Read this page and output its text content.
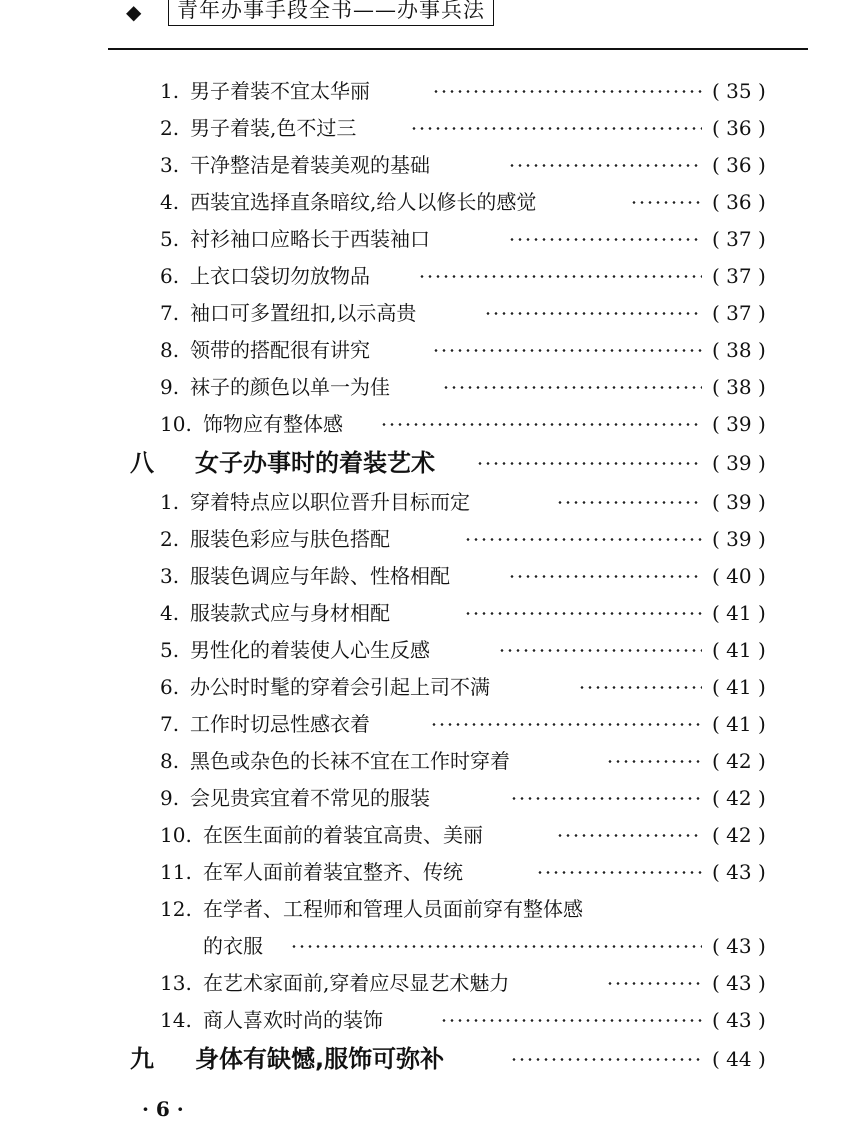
◆	青年办事手段全书——办事兵法
1. 男子着装不宜太华丽	( 35 )
2. 男子着装,色不过三	( 36 )
3. 干净整洁是着装美观的基础	( 36 )
4. 西装宜选择直条暗纹,给人以修长的感觉	( 36 )
5. 衬衫袖口应略长于西装袖口	( 37 )
6. 上衣口袋切勿放物品	( 37 )
7. 袖口可多置纽扣,以示高贵	( 37 )
8. 领带的搭配很有讲究	( 38 )
9. 袜子的颜色以单一为佳	( 38 )
10. 饰物应有整体感	( 39 )
八 女子办事时的着装艺术	( 39 )
1. 穿着特点应以职位晋升目标而定	( 39 )
2. 服装色彩应与肤色搭配	( 39 )
3. 服装色调应与年龄、性格相配	( 40 )
4. 服装款式应与身材相配	( 41 )
5. 男性化的着装使人心生反感	( 41 )
6. 办公时时髦的穿着会引起上司不满	( 41 )
7. 工作时切忌性感衣着	( 41 )
8. 黑色或杂色的长袜不宜在工作时穿着	( 42 )
9. 会见贵宾宜着不常见的服装	( 42 )
10. 在医生面前的着装宜高贵、美丽	( 42 )
11. 在军人面前着装宜整齐、传统	( 43 )
12. 在学者、工程师和管理人员面前穿有整体感
的衣服	( 43 )
13. 在艺术家面前,穿着应尽显艺术魅力	( 43 )
14. 商人喜欢时尚的装饰	( 43 )
九 身体有缺憾,服饰可弥补	( 44 )
· 6 ·
